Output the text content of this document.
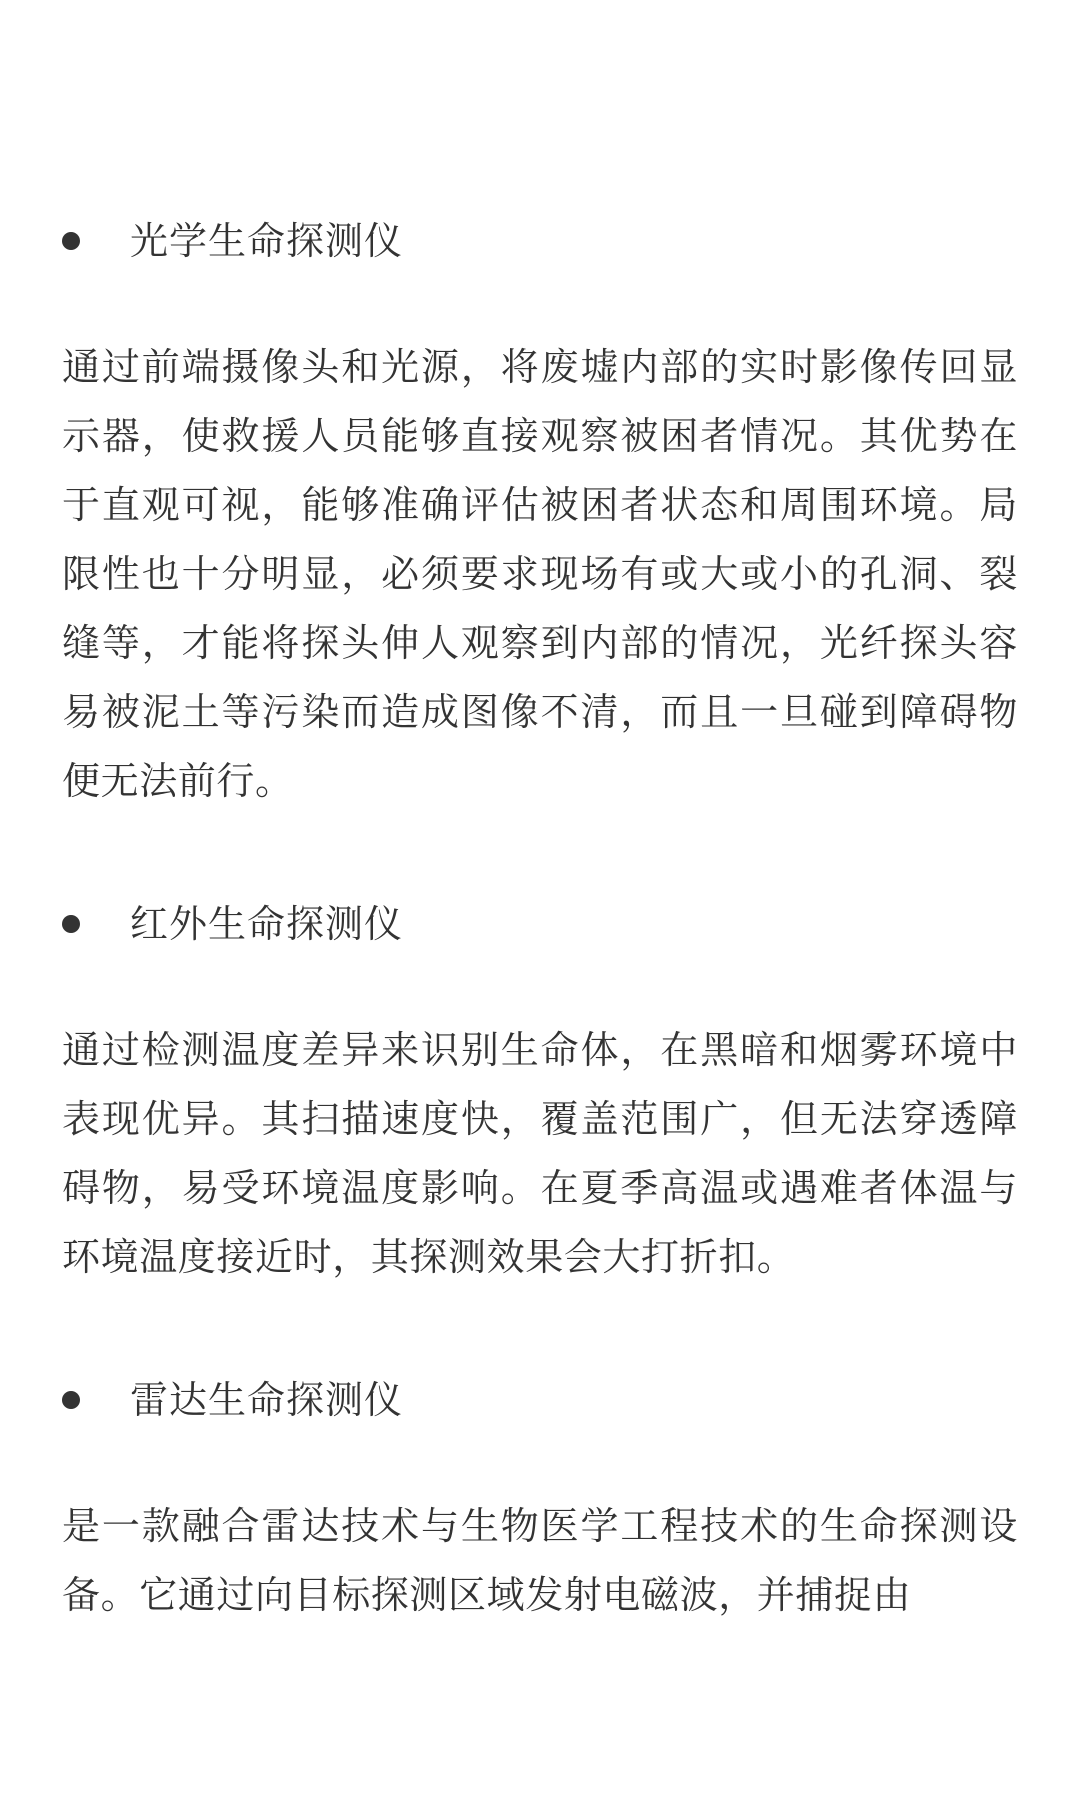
光学生命探测仪

通过前端摄像头和光源，将废墟内部的实时影像传回显示器，使救援人员能够直接观察被困者情况。其优势在于直观可视，能够准确评估被困者状态和周围环境。局限性也十分明显，必须要求现场有或大或小的孔洞、裂缝等，才能将探头伸人观察到内部的情况，光纤探头容易被泥土等污染而造成图像不清，而且一旦碰到障碍物便无法前行。

红外生命探测仪

通过检测温度差异来识别生命体，在黑暗和烟雾环境中表现优异。其扫描速度快，覆盖范围广，但无法穿透障碍物，易受环境温度影响。在夏季高温或遇难者体温与环境温度接近时，其探测效果会大打折扣。

雷达生命探测仪

是一款融合雷达技术与生物医学工程技术的生命探测设备。它通过向目标探测区域发射电磁波，并捕捉由
